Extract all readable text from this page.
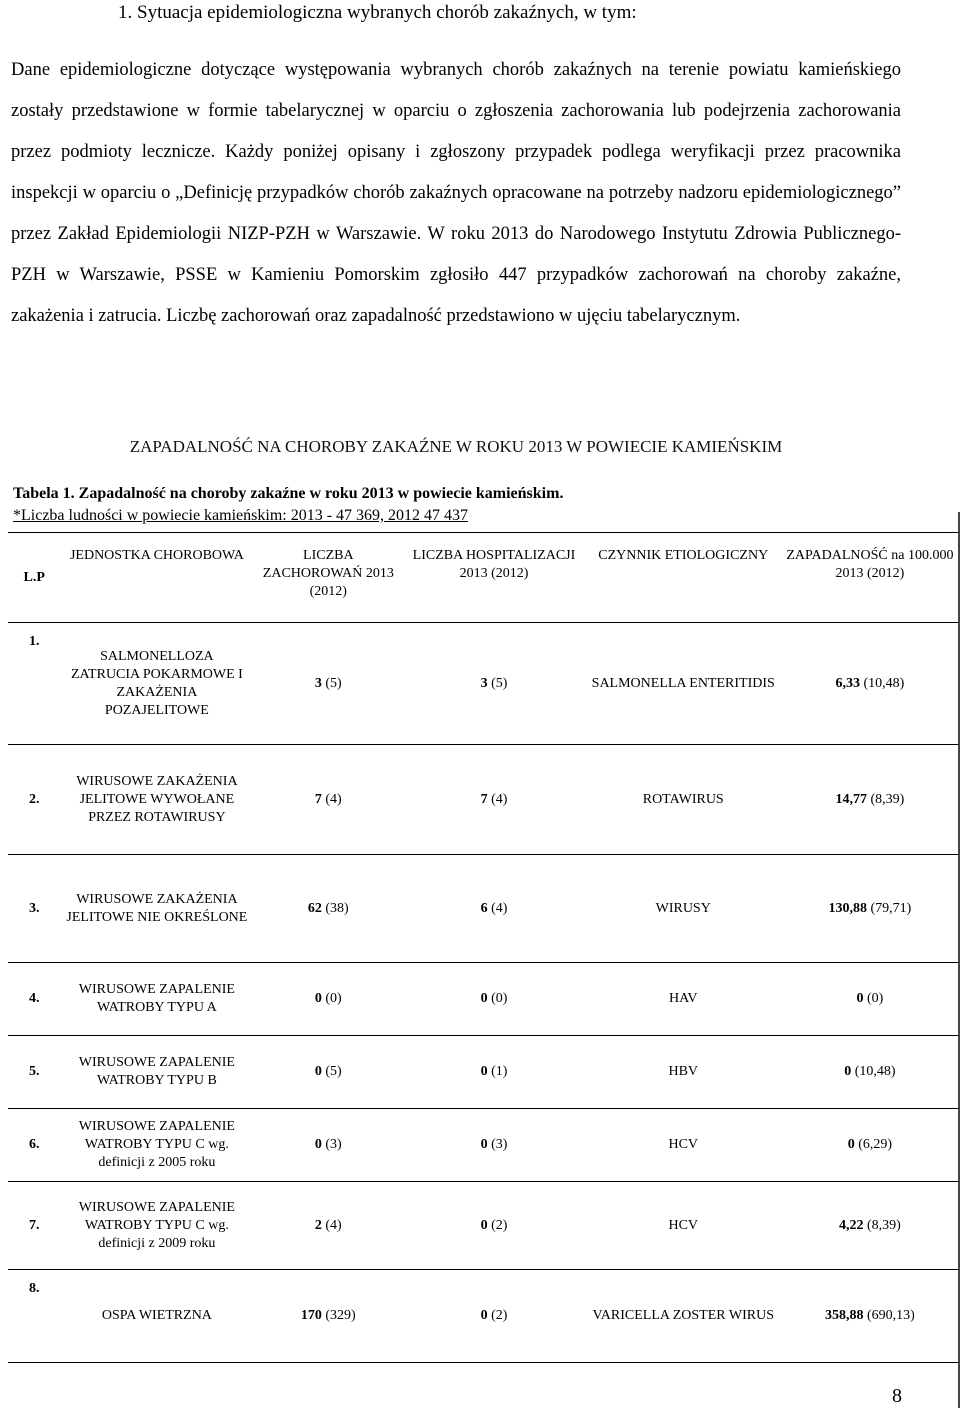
1. Sytuacja epidemiologiczna wybranych chorób zakaźnych, w tym:

Dane epidemiologiczne dotyczące występowania wybranych chorób zakaźnych na terenie powiatu kamieńskiego zostały przedstawione w formie tabelarycznej w oparciu o zgłoszenia zachorowania lub podejrzenia zachorowania przez podmioty lecznicze. Każdy poniżej opisany i zgłoszony przypadek podlega weryfikacji przez pracownika inspekcji w oparciu o „Definicję przypadków chorób zakaźnych opracowane na potrzeby nadzoru epidemiologicznego” przez Zakład Epidemiologii NIZP-PZH w Warszawie. W roku 2013 do Narodowego Instytutu Zdrowia Publicznego- PZH w Warszawie, PSSE w Kamieniu Pomorskim zgłosiło 447 przypadków zachorowań na choroby zakaźne, zakażenia i zatrucia. Liczbę zachorowań oraz zapadalność przedstawiono w ujęciu tabelarycznym.

ZAPADALNOŚĆ NA CHOROBY ZAKAŹNE W ROKU 2013 W POWIECIE KAMIEŃSKIM
Tabela 1. Zapadalność na choroby zakaźne w roku 2013 w powiecie kamieńskim.
*Liczba ludności w powiecie kamieńskim: 2013 - 47 369, 2012 47 437
L.P	JEDNOSTKA CHOROBOWA	LICZBA ZACHOROWAŃ 2013 (2012)	LICZBA HOSPITALIZACJI 2013 (2012)	CZYNNIK ETIOLOGICZNY	ZAPADALNOŚĆ na 100.000 2013 (2012)
1.	SALMONELLOZA ZATRUCIA POKARMOWE I ZAKAŻENIA POZAJELITOWE	3 (5)	3 (5)	SALMONELLA ENTERITIDIS	6,33 (10,48)
2.	WIRUSOWE ZAKAŻENIA JELITOWE WYWOŁANE PRZEZ ROTAWIRUSY	7 (4)	7 (4)	ROTAWIRUS	14,77 (8,39)
3.	WIRUSOWE ZAKAŻENIA JELITOWE NIE OKREŚLONE	62 (38)	6 (4)	WIRUSY	130,88 (79,71)
4.	WIRUSOWE ZAPALENIE WATROBY TYPU A	0 (0)	0 (0)	HAV	0 (0)
5.	WIRUSOWE ZAPALENIE WATROBY TYPU B	0 (5)	0 (1)	HBV	0 (10,48)
6.	WIRUSOWE ZAPALENIE WATROBY TYPU C wg. definicji z 2005 roku	0 (3)	0 (3)	HCV	0 (6,29)
7.	WIRUSOWE ZAPALENIE WATROBY TYPU C wg. definicji z 2009 roku	2 (4)	0 (2)	HCV	4,22 (8,39)
8.	OSPA WIETRZNA	170 (329)	0 (2)	VARICELLA ZOSTER WIRUS	358,88 (690,13)
8
